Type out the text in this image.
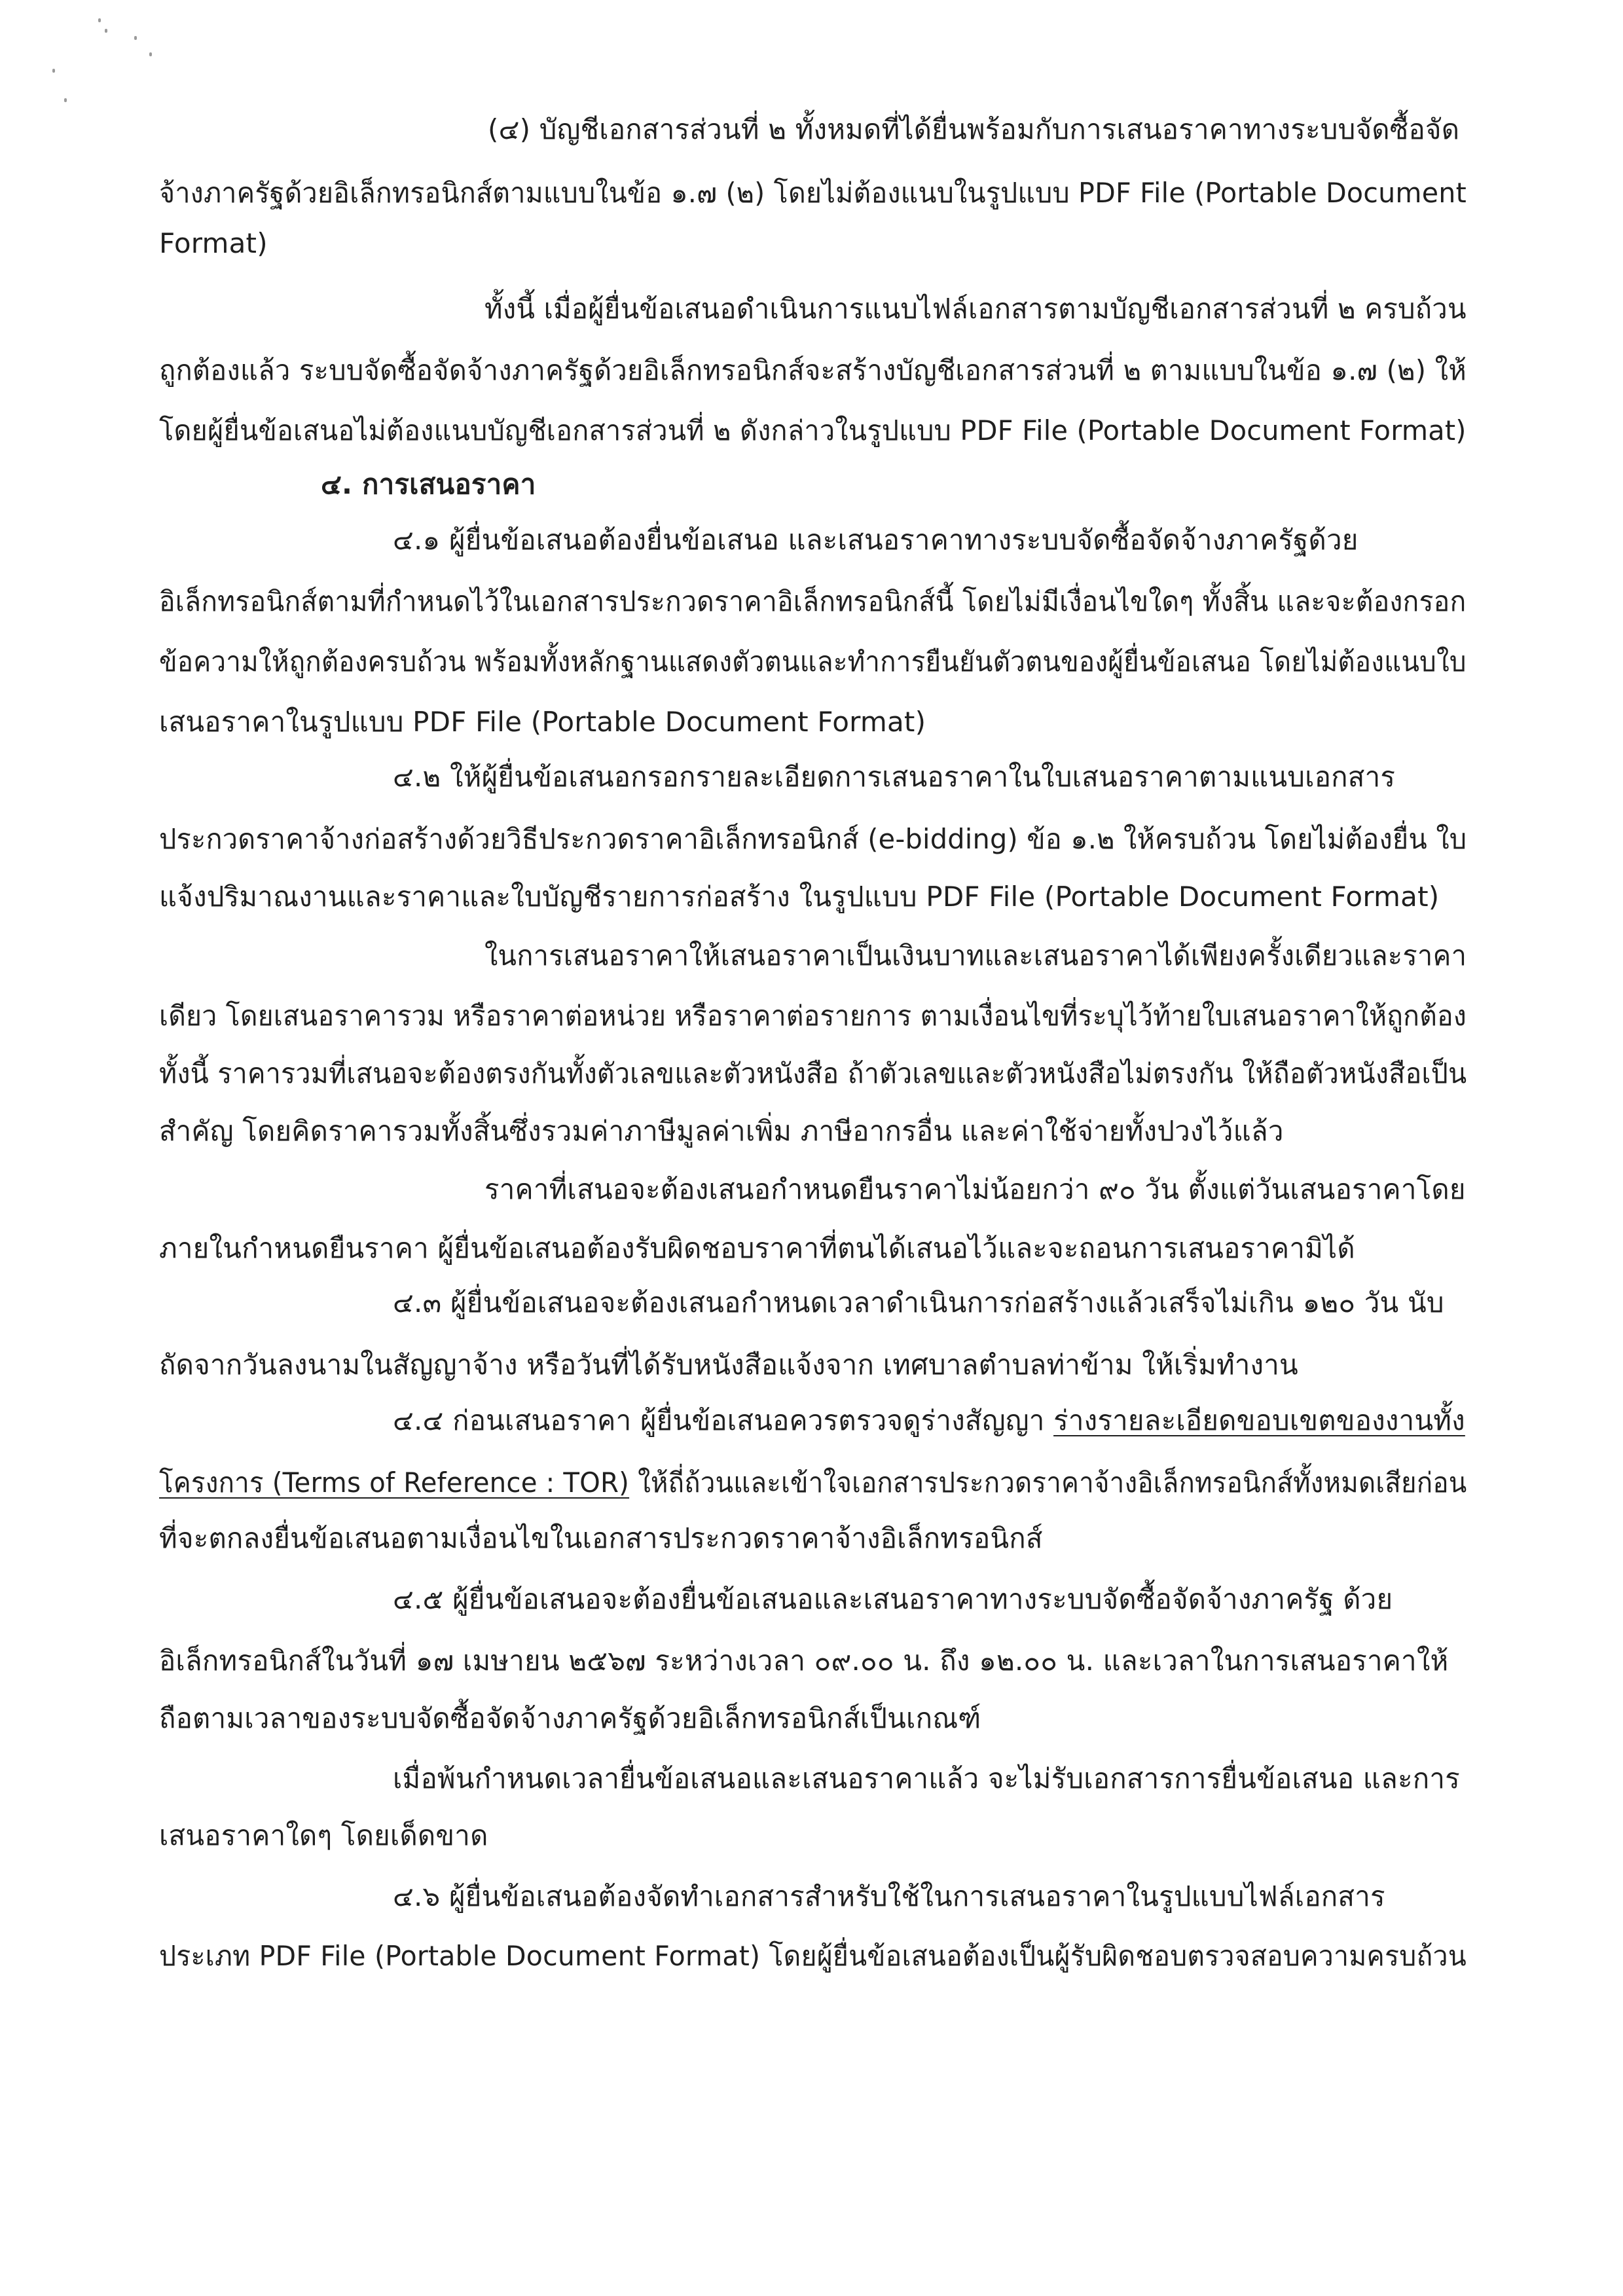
(๔) บัญชีเอกสารส่วนที่ ๒ ทั้งหมดที่ได้ยื่นพร้อมกับการเสนอราคาทางระบบจัดซื้อจัด
จ้างภาครัฐด้วยอิเล็กทรอนิกส์ตามแบบในข้อ ๑.๗ (๒) โดยไม่ต้องแนบในรูปแบบ PDF File (Portable Document
Format)
ทั้งนี้ เมื่อผู้ยื่นข้อเสนอดำเนินการแนบไฟล์เอกสารตามบัญชีเอกสารส่วนที่ ๒ ครบถ้วน
ถูกต้องแล้ว ระบบจัดซื้อจัดจ้างภาครัฐด้วยอิเล็กทรอนิกส์จะสร้างบัญชีเอกสารส่วนที่ ๒ ตามแบบในข้อ ๑.๗ (๒) ให้
โดยผู้ยื่นข้อเสนอไม่ต้องแนบบัญชีเอกสารส่วนที่ ๒ ดังกล่าวในรูปแบบ PDF File (Portable Document Format)
๔. การเสนอราคา
๔.๑ ผู้ยื่นข้อเสนอต้องยื่นข้อเสนอ และเสนอราคาทางระบบจัดซื้อจัดจ้างภาครัฐด้วย
อิเล็กทรอนิกส์ตามที่กำหนดไว้ในเอกสารประกวดราคาอิเล็กทรอนิกส์นี้ โดยไม่มีเงื่อนไขใดๆ ทั้งสิ้น และจะต้องกรอก
ข้อความให้ถูกต้องครบถ้วน พร้อมทั้งหลักฐานแสดงตัวตนและทำการยืนยันตัวตนของผู้ยื่นข้อเสนอ โดยไม่ต้องแนบใบ
เสนอราคาในรูปแบบ PDF File (Portable Document Format)
๔.๒ ให้ผู้ยื่นข้อเสนอกรอกรายละเอียดการเสนอราคาในใบเสนอราคาตามแนบเอกสาร
ประกวดราคาจ้างก่อสร้างด้วยวิธีประกวดราคาอิเล็กทรอนิกส์ (e-bidding) ข้อ ๑.๒ ให้ครบถ้วน โดยไม่ต้องยื่น ใบ
แจ้งปริมาณงานและราคาและใบบัญชีรายการก่อสร้าง ในรูปแบบ PDF File (Portable Document Format)
ในการเสนอราคาให้เสนอราคาเป็นเงินบาทและเสนอราคาได้เพียงครั้งเดียวและราคา
เดียว โดยเสนอราคารวม หรือราคาต่อหน่วย หรือราคาต่อรายการ ตามเงื่อนไขที่ระบุไว้ท้ายใบเสนอราคาให้ถูกต้อง
ทั้งนี้ ราคารวมที่เสนอจะต้องตรงกันทั้งตัวเลขและตัวหนังสือ ถ้าตัวเลขและตัวหนังสือไม่ตรงกัน ให้ถือตัวหนังสือเป็น
สำคัญ โดยคิดราคารวมทั้งสิ้นซึ่งรวมค่าภาษีมูลค่าเพิ่ม ภาษีอากรอื่น และค่าใช้จ่ายทั้งปวงไว้แล้ว
ราคาที่เสนอจะต้องเสนอกำหนดยืนราคาไม่น้อยกว่า ๙๐ วัน ตั้งแต่วันเสนอราคาโดย
ภายในกำหนดยืนราคา ผู้ยื่นข้อเสนอต้องรับผิดชอบราคาที่ตนได้เสนอไว้และจะถอนการเสนอราคามิได้
๔.๓ ผู้ยื่นข้อเสนอจะต้องเสนอกำหนดเวลาดำเนินการก่อสร้างแล้วเสร็จไม่เกิน ๑๒๐ วัน นับ
ถัดจากวันลงนามในสัญญาจ้าง หรือวันที่ได้รับหนังสือแจ้งจาก เทศบาลตำบลท่าข้าม ให้เริ่มทำงาน
๔.๔ ก่อนเสนอราคา ผู้ยื่นข้อเสนอควรตรวจดูร่างสัญญา ร่างรายละเอียดขอบเขตของงานทั้ง
โครงการ (Terms of Reference : TOR) ให้ถี่ถ้วนและเข้าใจเอกสารประกวดราคาจ้างอิเล็กทรอนิกส์ทั้งหมดเสียก่อน
ที่จะตกลงยื่นข้อเสนอตามเงื่อนไขในเอกสารประกวดราคาจ้างอิเล็กทรอนิกส์
๔.๕ ผู้ยื่นข้อเสนอจะต้องยื่นข้อเสนอและเสนอราคาทางระบบจัดซื้อจัดจ้างภาครัฐ ด้วย
อิเล็กทรอนิกส์ในวันที่ ๑๗ เมษายน ๒๕๖๗ ระหว่างเวลา ๐๙.๐๐ น. ถึง ๑๒.๐๐ น. และเวลาในการเสนอราคาให้
ถือตามเวลาของระบบจัดซื้อจัดจ้างภาครัฐด้วยอิเล็กทรอนิกส์เป็นเกณฑ์
เมื่อพ้นกำหนดเวลายื่นข้อเสนอและเสนอราคาแล้ว จะไม่รับเอกสารการยื่นข้อเสนอ และการ
เสนอราคาใดๆ โดยเด็ดขาด
๔.๖ ผู้ยื่นข้อเสนอต้องจัดทำเอกสารสำหรับใช้ในการเสนอราคาในรูปแบบไฟล์เอกสาร
ประเภท PDF File (Portable Document Format) โดยผู้ยื่นข้อเสนอต้องเป็นผู้รับผิดชอบตรวจสอบความครบถ้วน
